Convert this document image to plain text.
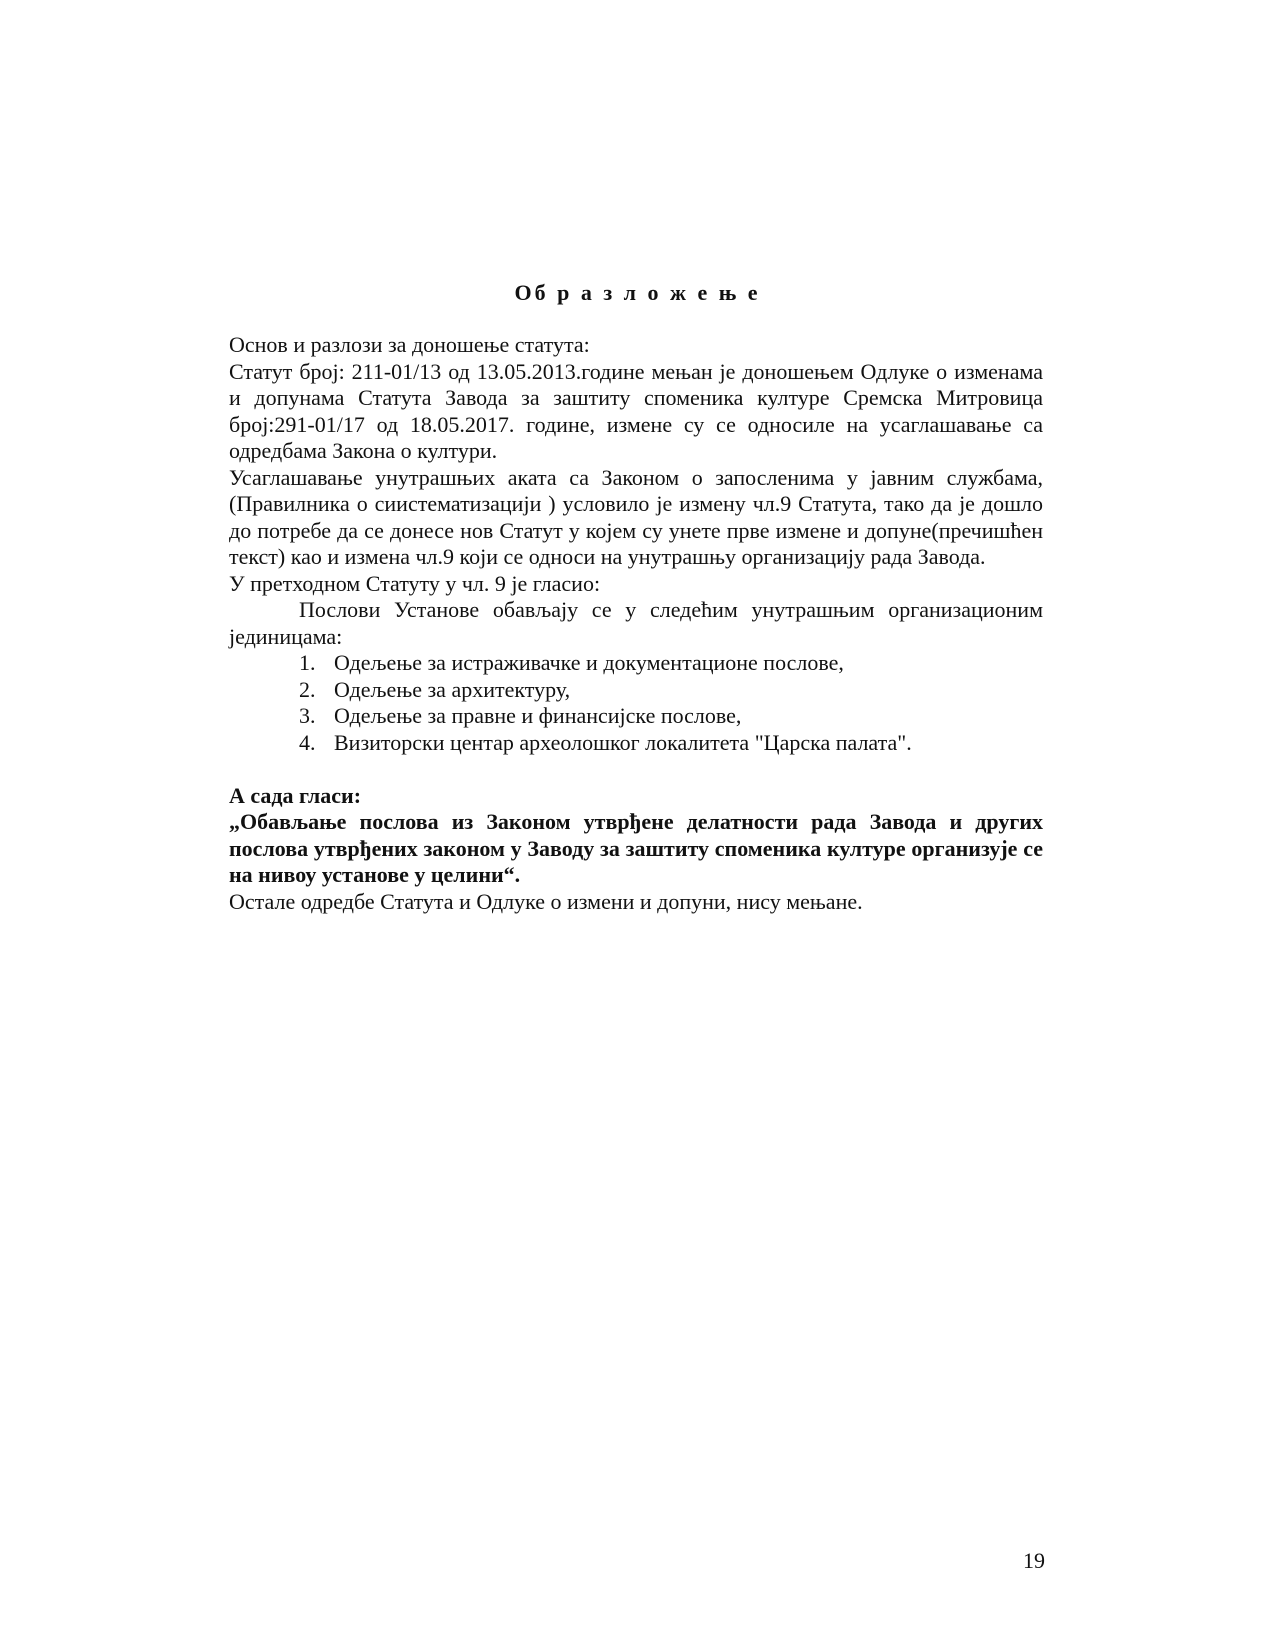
Об р а з л о ж е њ е

Основ и разлози за доношење статута:

Статут број: 211-01/13 од 13.05.2013.године мењан је доношењем Одлуке о изменама и допунама Статута Завода за заштиту споменика културе Сремска Митровица број:291-01/17 од 18.05.2017. године, измене су се односиле на усаглашавање са одредбама Закона о култури.

Усаглашавање унутрашњих аката са Законом о запосленима у јавним службама, (Правилника о сиистематизацији ) условило је измену чл.9 Статута, тако да је дошло до потребе да се донесе нов Статут у којем су унете прве измене и допуне(пречишћен текст) као и измена чл.9 који се односи на унутрашњу организацију рада Завода.

У претходном Статуту у чл. 9 је гласио:

Послови Установе обављају се у следећим унутрашњим организационим јединицама:

1. Одељење за истраживачке и документационе послове,
2. Одељење за архитектуру,
3. Одељење за правне и финансијске послове,
4. Визиторски центар археолошког локалитета "Царска палата".

А сада гласи:

„Обављање послова из Законом утврђене делатности рада Завода и других послова утврђених законом у Заводу за заштиту споменика културе организује се на нивоу установе у целини“.

Остале одредбе Статута и Одлуке о измени и допуни, нису мењане.

19
